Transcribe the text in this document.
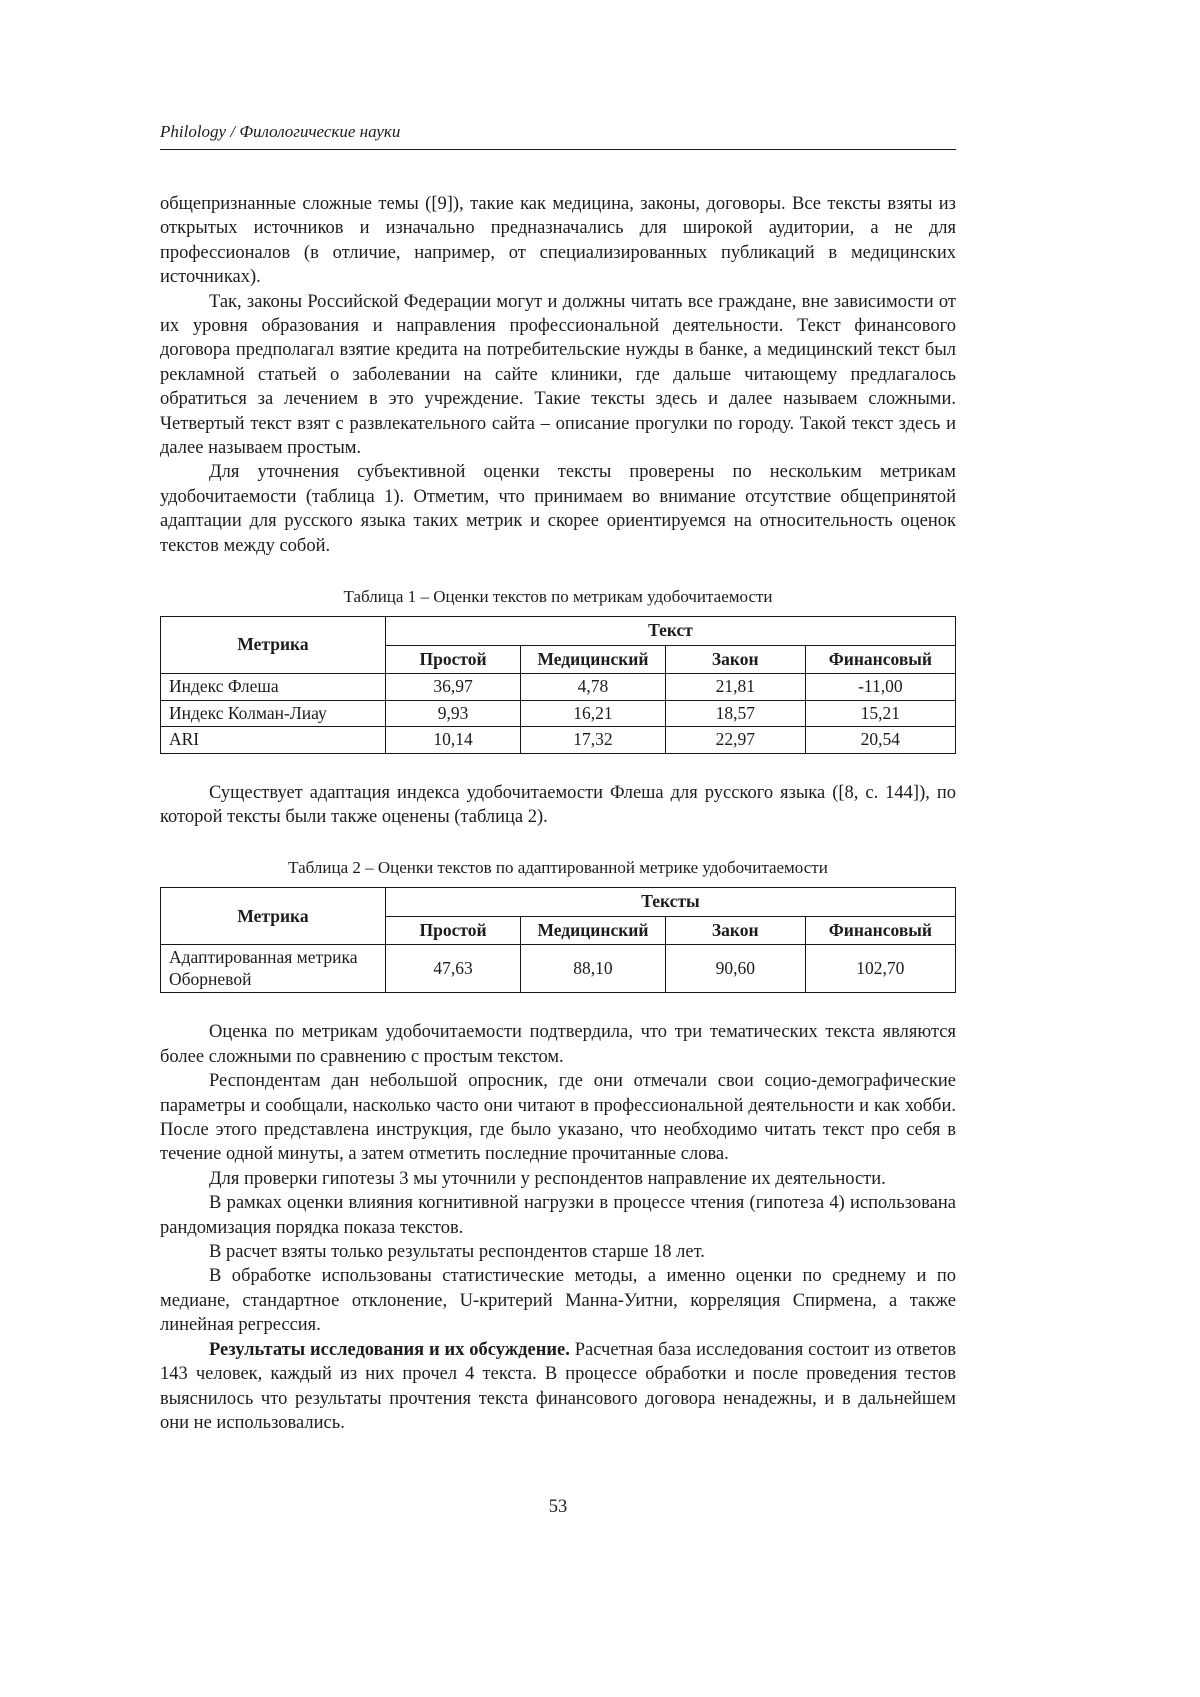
Philology / Филологические науки

общепризнанные сложные темы ([9]), такие как медицина, законы, договоры. Все тексты взяты из открытых источников и изначально предназначались для широкой аудитории, а не для профессионалов (в отличие, например, от специализированных публикаций в медицинских источниках).

Так, законы Российской Федерации могут и должны читать все граждане, вне зависимости от их уровня образования и направления профессиональной деятельности. Текст финансового договора предполагал взятие кредита на потребительские нужды в банке, а медицинский текст был рекламной статьей о заболевании на сайте клиники, где дальше читающему предлагалось обратиться за лечением в это учреждение. Такие тексты здесь и далее называем сложными. Четвертый текст взят с развлекательного сайта – описание прогулки по городу. Такой текст здесь и далее называем простым.

Для уточнения субъективной оценки тексты проверены по нескольким метрикам удобочитаемости (таблица 1). Отметим, что принимаем во внимание отсутствие общепринятой адаптации для русского языка таких метрик и скорее ориентируемся на относительность оценок текстов между собой.

Таблица 1 – Оценки текстов по метрикам удобочитаемости
Метрика	Текст			
	Простой	Медицинский	Закон	Финансовый
Индекс Флеша	36,97	4,78	21,81	-11,00
Индекс Колман-Лиау	9,93	16,21	18,57	15,21
ARI	10,14	17,32	22,97	20,54

Существует адаптация индекса удобочитаемости Флеша для русского языка ([8, с. 144]), по которой тексты были также оценены (таблица 2).

Таблица 2 – Оценки текстов по адаптированной метрике удобочитаемости
Метрика	Тексты			
	Простой	Медицинский	Закон	Финансовый
Адаптированная метрика Оборневой	47,63	88,10	90,60	102,70

Оценка по метрикам удобочитаемости подтвердила, что три тематических текста являются более сложными по сравнению с простым текстом.

Респондентам дан небольшой опросник, где они отмечали свои социо-демографические параметры и сообщали, насколько часто они читают в профессиональной деятельности и как хобби. После этого представлена инструкция, где было указано, что необходимо читать текст про себя в течение одной минуты, а затем отметить последние прочитанные слова.

Для проверки гипотезы 3 мы уточнили у респондентов направление их деятельности.

В рамках оценки влияния когнитивной нагрузки в процессе чтения (гипотеза 4) использована рандомизация порядка показа текстов.

В расчет взяты только результаты респондентов старше 18 лет.

В обработке использованы статистические методы, а именно оценки по среднему и по медиане, стандартное отклонение, U-критерий Манна-Уитни, корреляция Спирмена, а также линейная регрессия.

Результаты исследования и их обсуждение. Расчетная база исследования состоит из ответов 143 человек, каждый из них прочел 4 текста. В процессе обработки и после проведения тестов выяснилось что результаты прочтения текста финансового договора ненадежны, и в дальнейшем они не использовались.

53
